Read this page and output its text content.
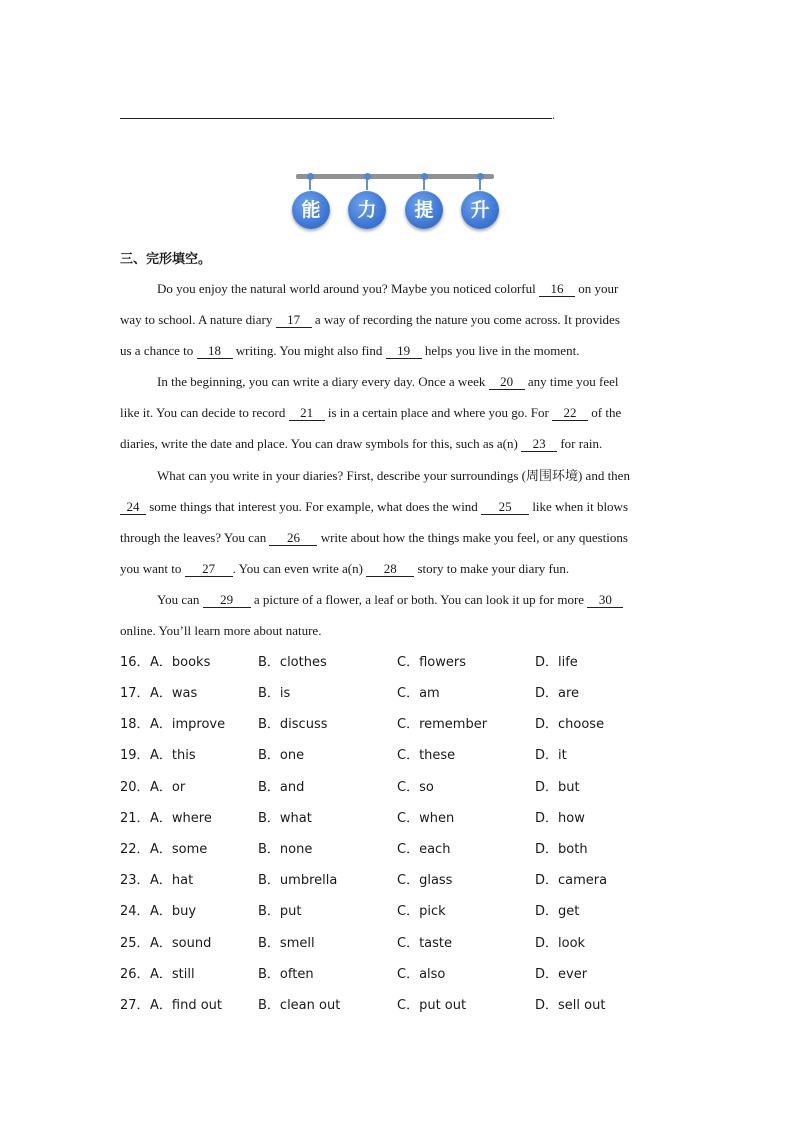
.
能	力	提	升
三、完形填空。
Do you enjoy the natural world around you? Maybe you noticed colorful 16 on your
way to school. A nature diary 17 a way of recording the nature you come across. It provides
us a chance to 18 writing. You might also find 19 helps you live in the moment.
In the beginning, you can write a diary every day. Once a week 20 any time you feel
like it. You can decide to record 21 is in a certain place and where you go. For 22 of the
diaries, write the date and place. You can draw symbols for this, such as a(n) 23 for rain.
What can you write in your diaries? First, describe your surroundings (周围环境) and then
24 some things that interest you. For example, what does the wind 25 like when it blows
through the leaves? You can 26 write about how the things make you feel, or any questions
you want to 27 . You can even write a(n) 28 story to make your diary fun.
You can 29 a picture of a flower, a leaf or both. You can look it up for more 30
online. You’ll learn more about nature.
16． A．books	B．clothes	C．flowers	D．life
17． A．was	B．is	C．am	D．are
18． A．improve	B．discuss	C．remember	D．choose
19． A．this	B．one	C．these	D．it
20． A．or	B．and	C．so	D．but
21． A．where	B．what	C．when	D．how
22． A．some	B．none	C．each	D．both
23． A．hat	B．umbrella	C．glass	D．camera
24． A．buy	B．put	C．pick	D．get
25． A．sound	B．smell	C．taste	D．look
26． A．still	B．often	C．also	D．ever
27． A．find out	B．clean out	C．put out	D．sell out
